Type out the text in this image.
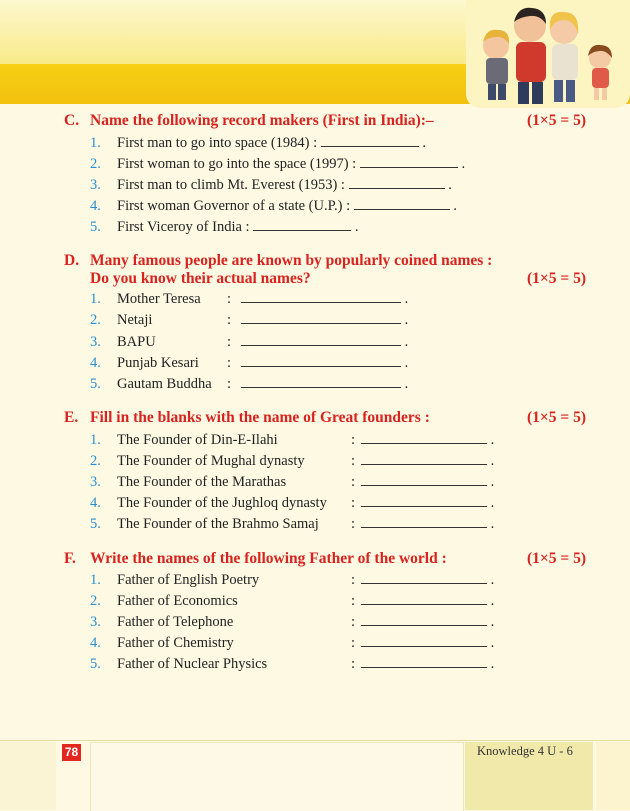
C. Name the following record makers (First in India):–	(1×5 = 5)
1. First man to go into space (1984) :	.
2. First woman to go into the space (1997) :	.
3. First man to climb Mt. Everest (1953) :	.
4. First woman Governor of a state (U.P.) :	.
5. First Viceroy of India :	.
D. Many famous people are known by popularly coined names : Do you know their actual names?	(1×5 = 5)
1. Mother Teresa :	.
2. Netaji	:	.
3. BAPU	:	.
4. Punjab Kesari :	.
5. Gautam Buddha :	.
E. Fill in the blanks with the name of Great founders :	(1×5 = 5)
1. The Founder of Din-E-Ilahi	:	.
2. The Founder of Mughal dynasty	:	.
3. The Founder of the Marathas	:	.
4. The Founder of the Jughloq dynasty :	.
5. The Founder of the Brahmo Samaj :	.
F. Write the names of the following Father of the world :	(1×5 = 5)
1. Father of English Poetry	:	.
2. Father of Economics	:	.
3. Father of Telephone	:	.
4. Father of Chemistry	:	.
5. Father of Nuclear Physics	:	.
78	Knowledge 4 U - 6
